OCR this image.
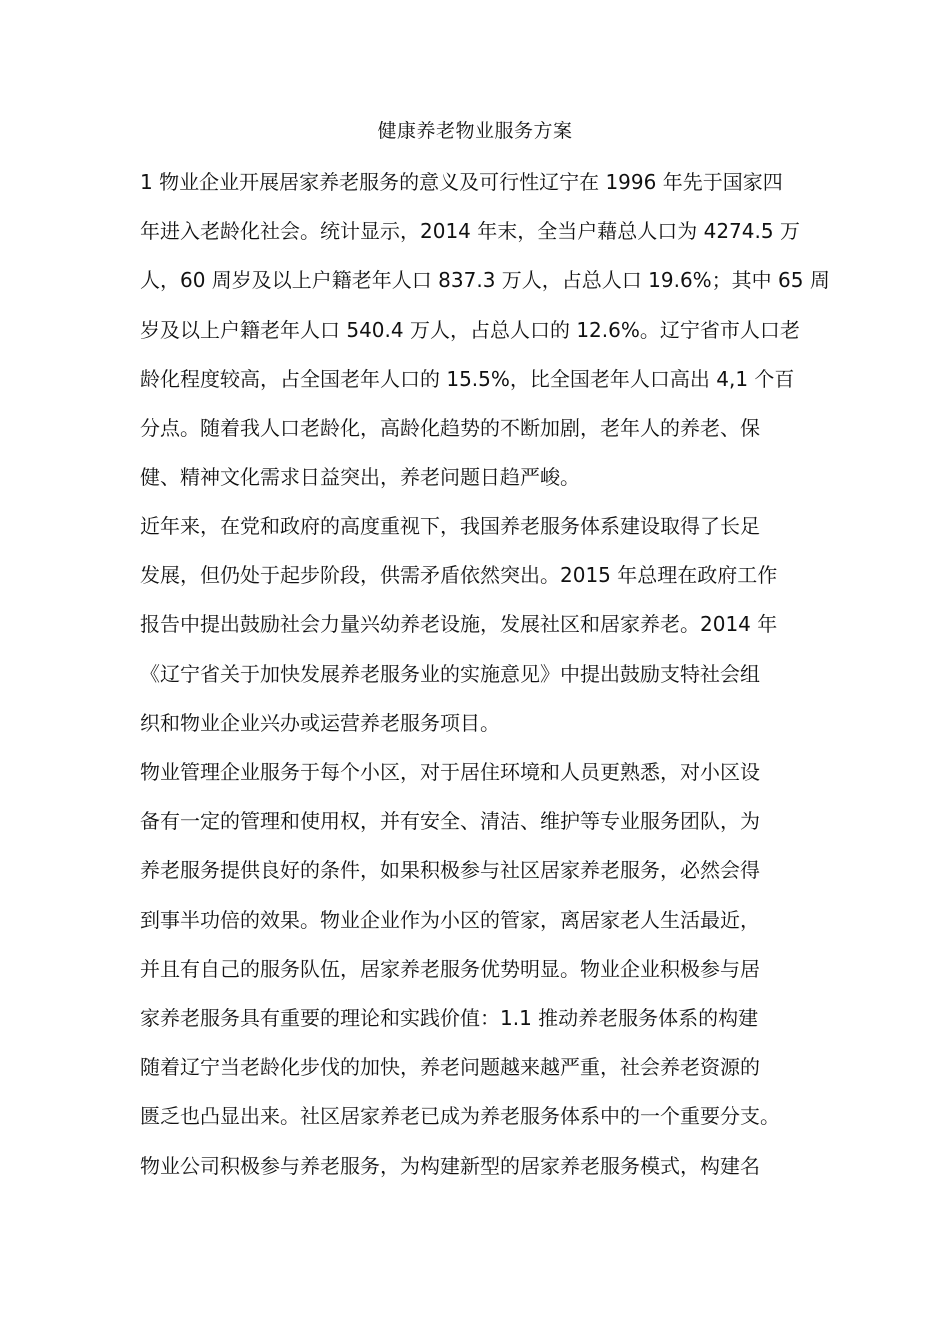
健康养老物业服务方案
1 物业企业开展居家养老服务的意义及可行性辽宁在 1996 年先于国家四
年进入老龄化社会。统计显示，2014 年末，全当户藉总人口为 4274.5 万
人，60 周岁及以上户籍老年人口 837.3 万人，占总人口 19.6%；其中 65 周
岁及以上户籍老年人口 540.4 万人，占总人口的 12.6%。辽宁省市人口老
龄化程度较高，占全国老年人口的 15.5%，比全国老年人口高出 4,1 个百
分点。随着我人口老龄化，高龄化趋势的不断加剧，老年人的养老、保
健、精神文化需求日益突出，养老问题日趋严峻。
近年来，在党和政府的高度重视下，我国养老服务体系建设取得了长足
发展，但仍处于起步阶段，供需矛盾依然突出。2015 年总理在政府工作
报告中提出鼓励社会力量兴幼养老设施，发展社区和居家养老。2014 年
《辽宁省关于加快发展养老服务业的实施意见》中提出鼓励支特社会组
织和物业企业兴办或运营养老服务项目。
物业管理企业服务于每个小区，对于居住环境和人员更熟悉，对小区设
备有一定的管理和使用权，并有安全、清洁、维护等专业服务团队，为
养老服务提供良好的条件，如果积极参与社区居家养老服务，必然会得
到事半功倍的效果。物业企业作为小区的管家，离居家老人生活最近，
并且有自己的服务队伍，居家养老服务优势明显。物业企业积极参与居
家养老服务具有重要的理论和实践价值：1.1 推动养老服务体系的构建
随着辽宁当老龄化步伐的加快，养老问题越来越严重，社会养老资源的
匮乏也凸显出来。社区居家养老已成为养老服务体系中的一个重要分支。
物业公司积极参与养老服务，为构建新型的居家养老服务模式，构建名
